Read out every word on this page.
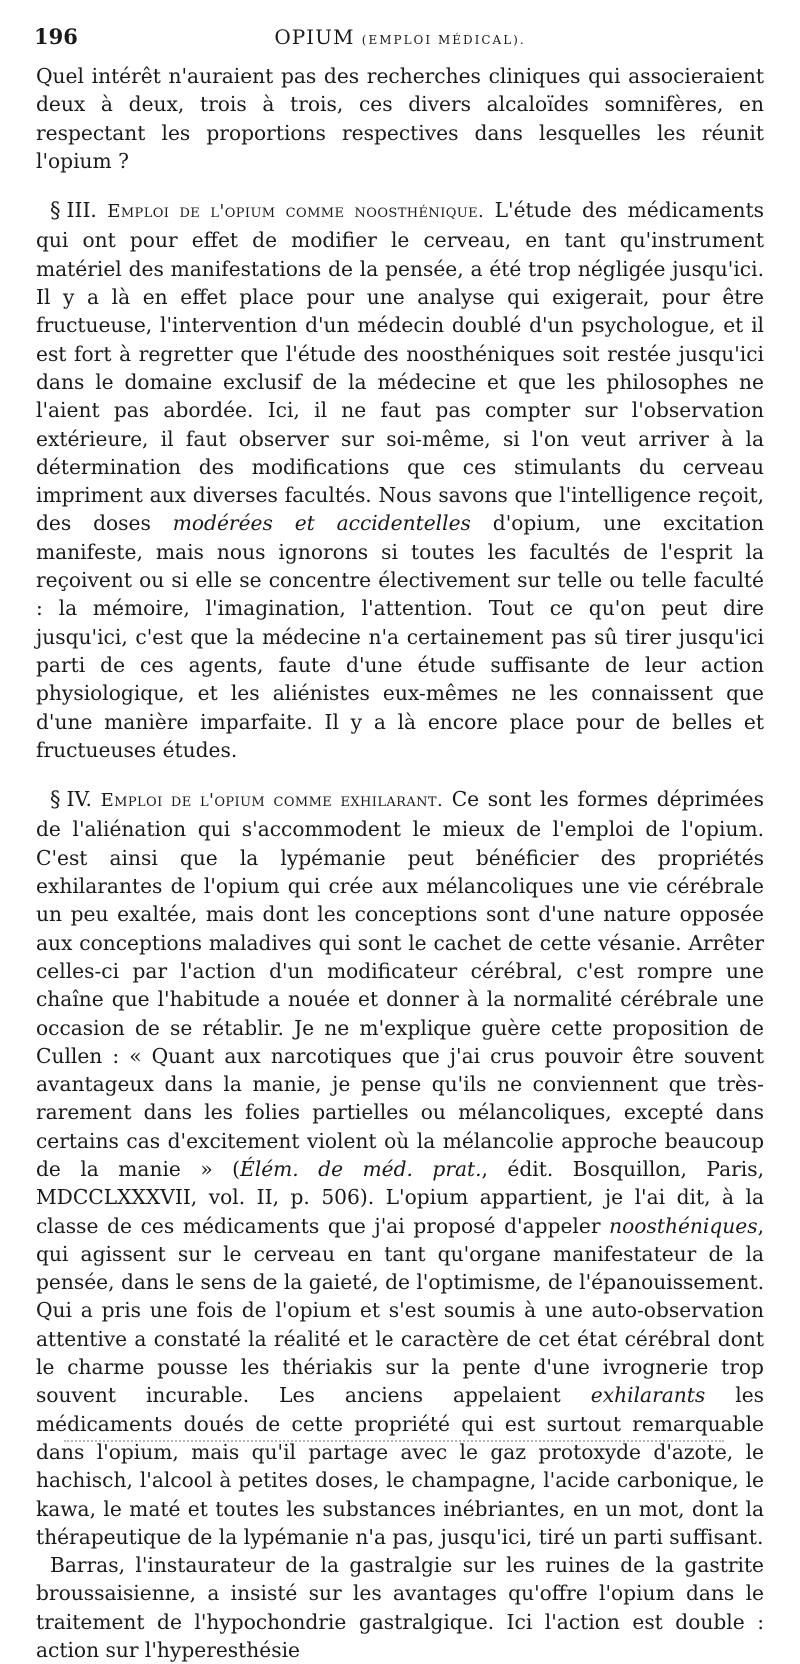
196	OPIUM (EMPLOI MÉDICAL).

Quel intérêt n'auraient pas des recherches cliniques qui associeraient deux à deux, trois à trois, ces divers alcaloïdes somnifères, en respectant les proportions respectives dans lesquelles les réunit l'opium ?

§ III. Emploi de l'opium comme noosthénique. L'étude des médicaments qui ont pour effet de modifier le cerveau, en tant qu'instrument matériel des manifestations de la pensée, a été trop négligée jusqu'ici. Il y a là en effet place pour une analyse qui exigerait, pour être fructueuse, l'intervention d'un médecin doublé d'un psychologue, et il est fort à regretter que l'étude des noosthéniques soit restée jusqu'ici dans le domaine exclusif de la médecine et que les philosophes ne l'aient pas abordée. Ici, il ne faut pas compter sur l'observation extérieure, il faut observer sur soi-même, si l'on veut arriver à la détermination des modifications que ces stimulants du cerveau impriment aux diverses facultés. Nous savons que l'intelligence reçoit, des doses modérées et accidentelles d'opium, une excitation manifeste, mais nous ignorons si toutes les facultés de l'esprit la reçoivent ou si elle se concentre électivement sur telle ou telle faculté : la mémoire, l'imagination, l'attention. Tout ce qu'on peut dire jusqu'ici, c'est que la médecine n'a certainement pas sû tirer jusqu'ici parti de ces agents, faute d'une étude suffisante de leur action physiologique, et les aliénistes eux-mêmes ne les connaissent que d'une manière imparfaite. Il y a là encore place pour de belles et fructueuses études.

§ IV. Emploi de l'opium comme exhilarant. Ce sont les formes déprimées de l'aliénation qui s'accommodent le mieux de l'emploi de l'opium. C'est ainsi que la lypémanie peut bénéficier des propriétés exhilarantes de l'opium qui crée aux mélancoliques une vie cérébrale un peu exaltée, mais dont les conceptions sont d'une nature opposée aux conceptions maladives qui sont le cachet de cette vésanie. Arrêter celles-ci par l'action d'un modificateur cérébral, c'est rompre une chaîne que l'habitude a nouée et donner à la normalité cérébrale une occasion de se rétablir. Je ne m'explique guère cette proposition de Cullen : « Quant aux narcotiques que j'ai crus pouvoir être souvent avantageux dans la manie, je pense qu'ils ne conviennent que très-rarement dans les folies partielles ou mélancoliques, excepté dans certains cas d'excitement violent où la mélancolie approche beaucoup de la manie » (Élém. de méd. prat., édit. Bosquillon, Paris, MDCCLXXXVII, vol. II, p. 506). L'opium appartient, je l'ai dit, à la classe de ces médicaments que j'ai proposé d'appeler noosthéniques, qui agissent sur le cerveau en tant qu'organe manifestateur de la pensée, dans le sens de la gaieté, de l'optimisme, de l'épanouissement. Qui a pris une fois de l'opium et s'est soumis à une auto-observation attentive a constaté la réalité et le caractère de cet état cérébral dont le charme pousse les thériakis sur la pente d'une ivrognerie trop souvent incurable. Les anciens appelaient exhilarants les médicaments doués de cette propriété qui est surtout remarquable dans l'opium, mais qu'il partage avec le gaz protoxyde d'azote, le hachisch, l'alcool à petites doses, le champagne, l'acide carbonique, le kawa, le maté et toutes les substances inébriantes, en un mot, dont la thérapeutique de la lypémanie n'a pas, jusqu'ici, tiré un parti suffisant.

Barras, l'instaurateur de la gastralgie sur les ruines de la gastrite broussaisienne, a insisté sur les avantages qu'offre l'opium dans le traitement de l'hypochondrie gastralgique. Ici l'action est double : action sur l'hyperesthésie
